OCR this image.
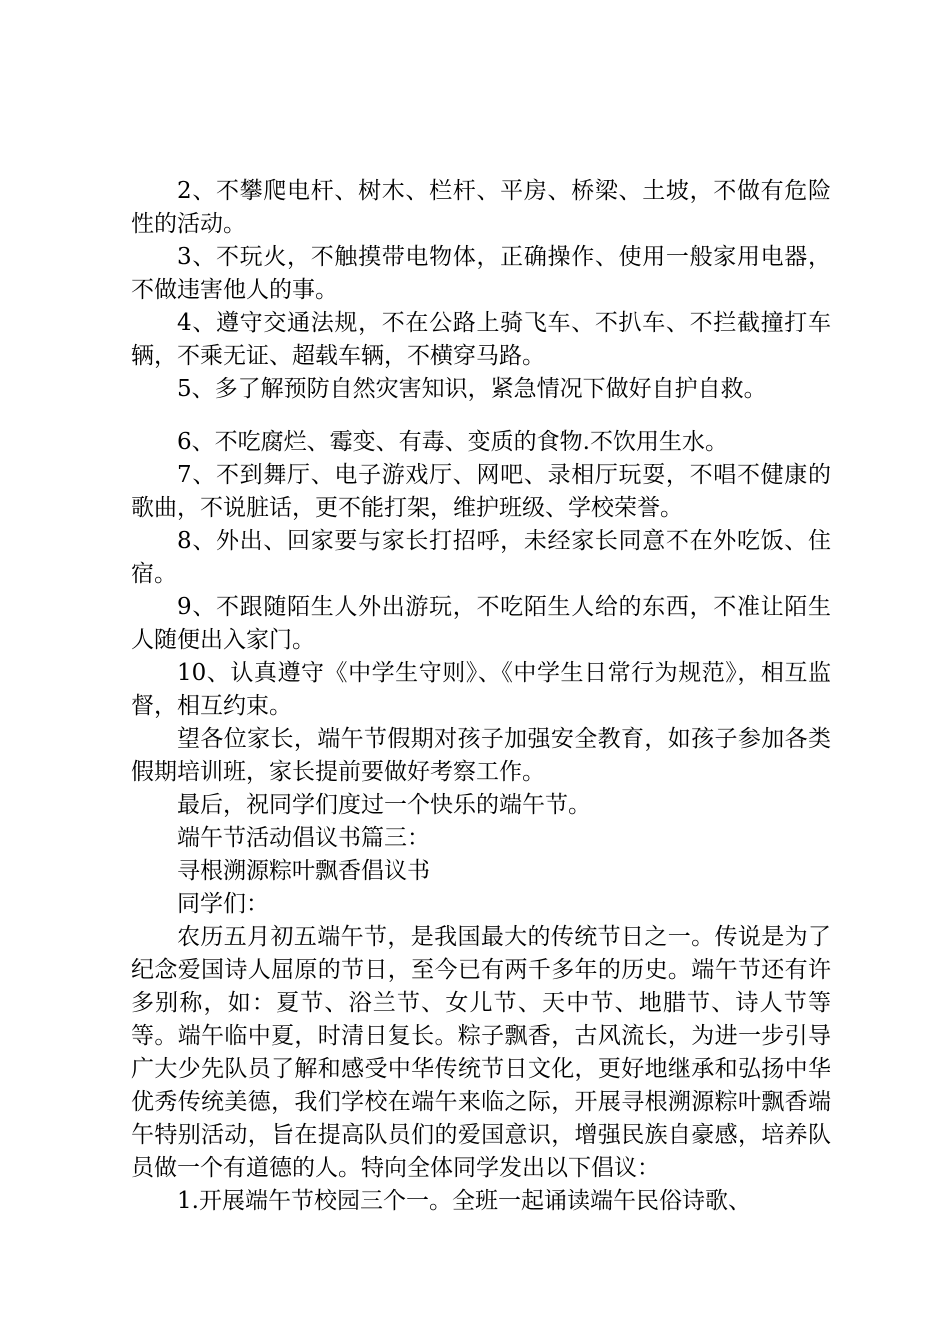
2、不攀爬电杆、树木、栏杆、平房、桥梁、土坡，不做有危险性的活动。

3、不玩火，不触摸带电物体，正确操作、使用一般家用电器，不做违害他人的事。

4、遵守交通法规，不在公路上骑飞车、不扒车、不拦截撞打车辆，不乘无证、超载车辆，不横穿马路。

5、多了解预防自然灾害知识，紧急情况下做好自护自救。

6、不吃腐烂、霉变、有毒、变质的食物.不饮用生水。

7、不到舞厅、电子游戏厅、网吧、录相厅玩耍，不唱不健康的歌曲，不说脏话，更不能打架，维护班级、学校荣誉。

8、外出、回家要与家长打招呼，未经家长同意不在外吃饭、住宿。

9、不跟随陌生人外出游玩，不吃陌生人给的东西，不准让陌生人随便出入家门。

10、认真遵守《中学生守则》、《中学生日常行为规范》，相互监督，相互约束。

望各位家长，端午节假期对孩子加强安全教育，如孩子参加各类假期培训班，家长提前要做好考察工作。

最后，祝同学们度过一个快乐的端午节。

端午节活动倡议书篇三：

寻根溯源粽叶飘香倡议书

同学们：

农历五月初五端午节，是我国最大的传统节日之一。传说是为了纪念爱国诗人屈原的节日，至今已有两千多年的历史。端午节还有许多别称，如：夏节、浴兰节、女儿节、天中节、地腊节、诗人节等等。端午临中夏，时清日复长。粽子飘香，古风流长，为进一步引导广大少先队员了解和感受中华传统节日文化，更好地继承和弘扬中华优秀传统美德，我们学校在端午来临之际，开展寻根溯源粽叶飘香端午特别活动，旨在提高队员们的爱国意识，增强民族自豪感，培养队员做一个有道德的人。特向全体同学发出以下倡议：

1.开展端午节校园三个一。全班一起诵读端午民俗诗歌、
